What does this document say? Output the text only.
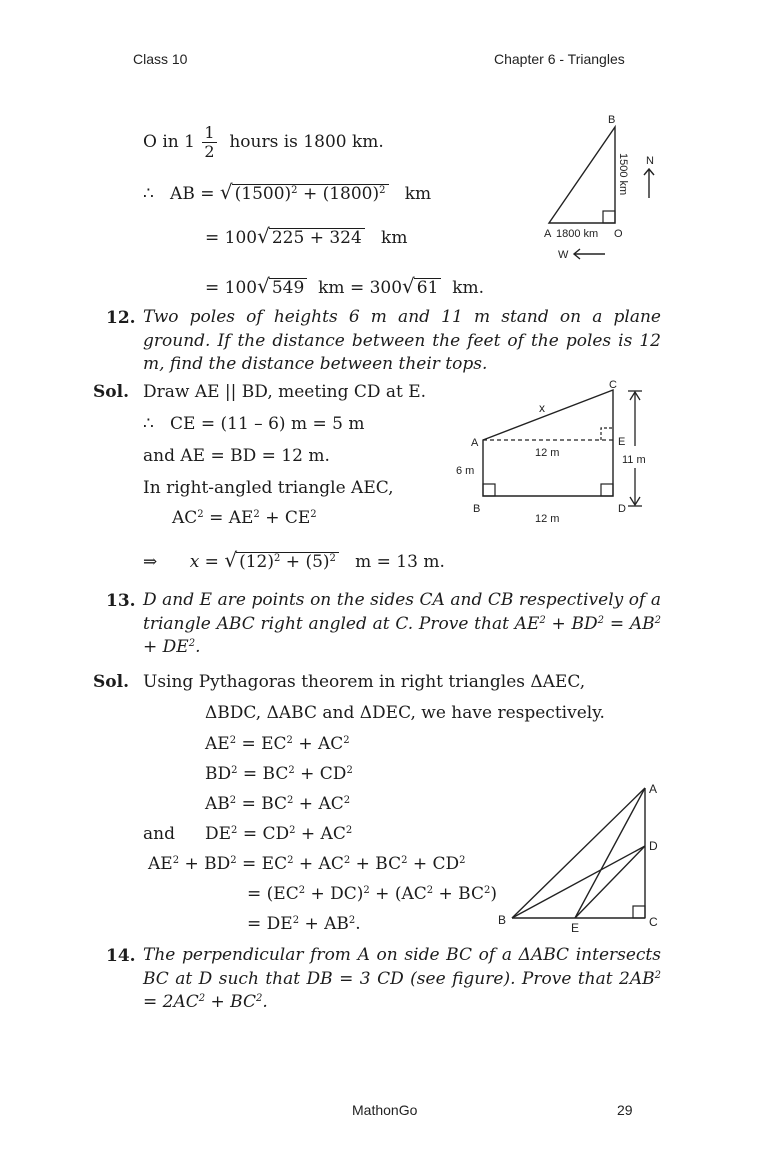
Class 10	Chapter 6 - Triangles
O in $1 \frac{1}{2}$ hours is 1800 km.
∴ AB = √ $(1500)^2 + (1800)^2$ km
= 100√ 225 + 324 km
= 100√ 549 km = 300√ 61 km.
B
A 1800 km O
1500 km N
W
12. Two poles of heights 6 m and 11 m stand on a plane ground. If the distance between the feet of the poles is 12 m, find the distance between their tops.
Sol. Draw AE || BD, meeting CD at E.
∴ CE = (11 – 6) m = 5 m
and AE = BD = 12 m.
In right-angled triangle AEC,
$AC^2 = AE^2 + CE^2$
⇒ x = √ $(12)^2 + (5)^2$ m = 13 m.
C
A	E
B	D
x
12 m
12 m
6 m
11 m
13. D and E are points on the sides CA and CB respectively of a triangle ABC right angled at C. Prove that $AE^2 + BD^2 = AB^2 + DE^2$.
Sol. Using Pythagoras theorem in right triangles ΔAEC,
ΔBDC, ΔABC and ΔDEC, we have respectively.
$AE^2 = EC^2 + AC^2$
$BD^2 = BC^2 + CD^2$
$AB^2 = BC^2 + AC^2$
and $DE^2 = CD^2 + AC^2$
$AE^2 + BD^2 = EC^2 + AC^2 + BC^2 + CD^2$
= $(EC^2 + DC)^2 + (AC^2 + BC^2)$
= $DE^2 + AB^2$.
A
D
B
E	C
14. The perpendicular from A on side BC of a ΔABC intersects BC at D such that DB = 3 CD (see figure). Prove that $2AB^2 = 2AC^2 + BC^2$.
MathonGo	29
